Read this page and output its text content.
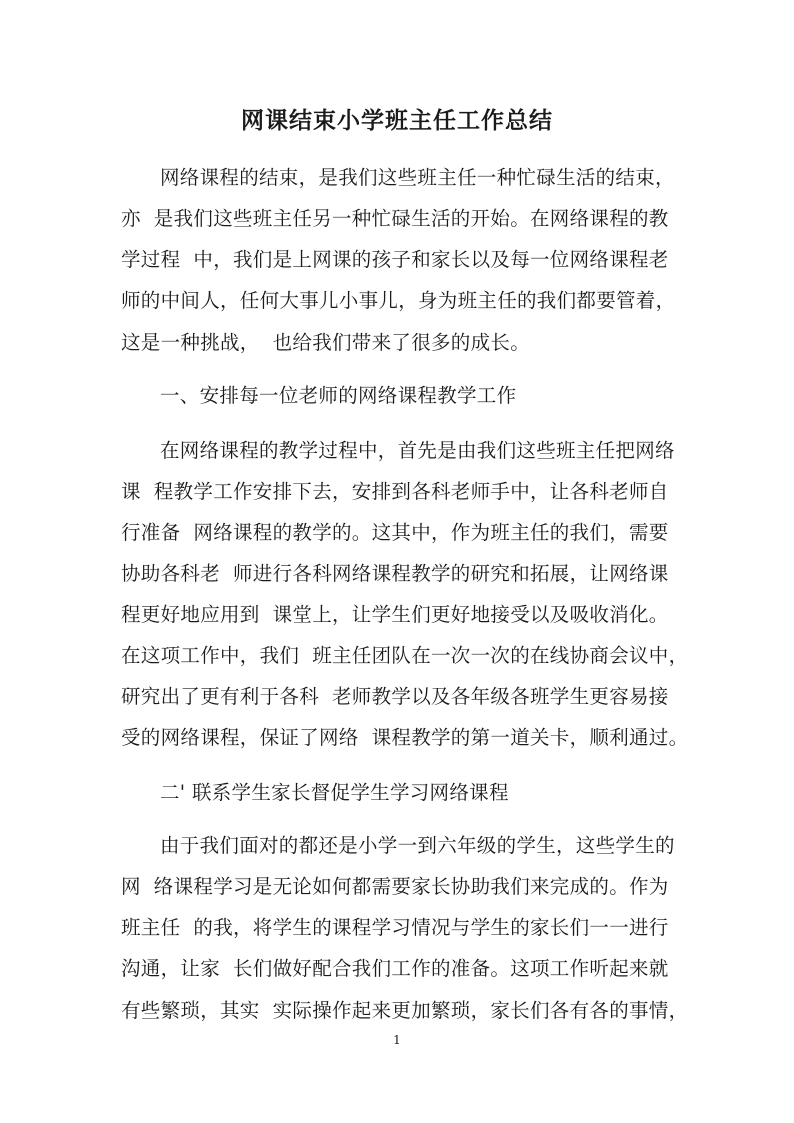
网课结束小学班主任工作总结
网络课程的结束，是我们这些班主任一种忙碌生活的结束，
亦  是我们这些班主任另一种忙碌生活的开始。在网络课程的教
学过程  中，我们是上网课的孩子和家长以及每一位网络课程老
师的中间人，任何大事儿小事儿，身为班主任的我们都要管着，
这是一种挑战，  也给我们带来了很多的成长。
一、安排每一位老师的网络课程教学工作
在网络课程的教学过程中，首先是由我们这些班主任把网络
课  程教学工作安排下去，安排到各科老师手中，让各科老师自
行准备  网络课程的教学的。这其中，作为班主任的我们，需要
协助各科老  师进行各科网络课程教学的研究和拓展，让网络课
程更好地应用到  课堂上，让学生们更好地接受以及吸收消化。
在这项工作中，我们  班主任团队在一次一次的在线协商会议中，
研究出了更有利于各科  老师教学以及各年级各班学生更容易接
受的网络课程，保证了网络  课程教学的第一道关卡，顺利通过。
二' 联系学生家长督促学生学习网络课程
由于我们面对的都还是小学一到六年级的学生，这些学生的
网  络课程学习是无论如何都需要家长协助我们来完成的。作为
班主任  的我，将学生的课程学习情况与学生的家长们一一进行
沟通，让家  长们做好配合我们工作的准备。这项工作听起来就
有些繁琐，其实  实际操作起来更加繁琐，家长们各有各的事情，
1
